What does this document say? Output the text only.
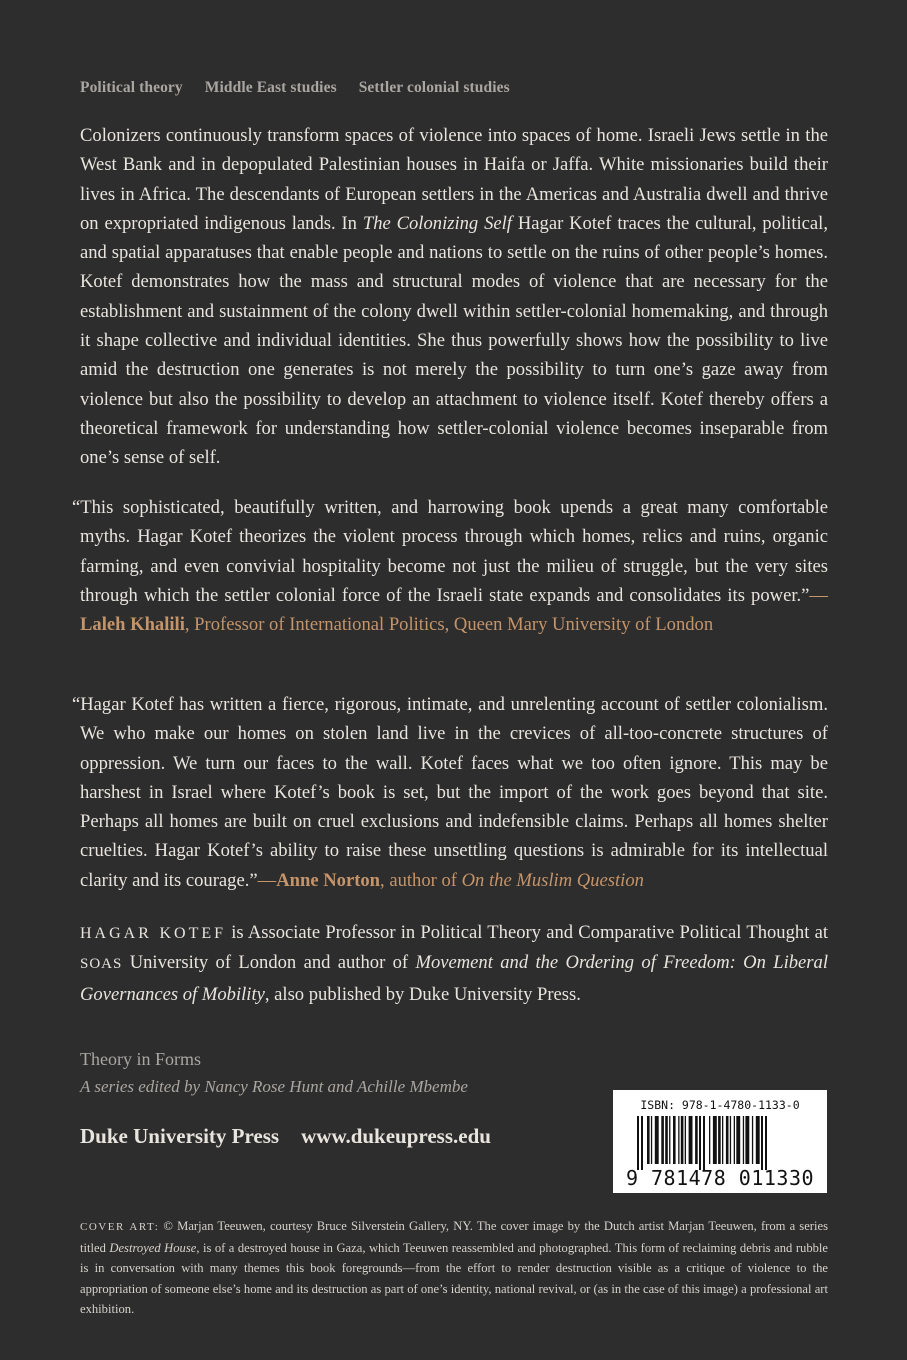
Political theory Middle East studies Settler colonial studies
Colonizers continuously transform spaces of violence into spaces of home. Israeli Jews settle in the West Bank and in depopulated Palestinian houses in Haifa or Jaffa. White missionaries build their lives in Africa. The descendants of European settlers in the Americas and Australia dwell and thrive on expropriated indigenous lands. In The Colonizing Self Hagar Kotef traces the cultural, political, and spatial apparatuses that enable people and nations to settle on the ruins of other people’s homes. Kotef demonstrates how the mass and structural modes of violence that are necessary for the establishment and sustainment of the colony dwell within settler-colonial homemaking, and through it shape collective and individual identities. She thus powerfully shows how the possibility to live amid the destruction one generates is not merely the possibility to turn one’s gaze away from violence but also the possibility to develop an attachment to violence itself. Kotef thereby offers a theoretical framework for understanding how settler-colonial violence becomes inseparable from one’s sense of self.
“This sophisticated, beautifully written, and harrowing book upends a great many comfortable myths. Hagar Kotef theorizes the violent process through which homes, relics and ruins, organic farming, and even convivial hospitality become not just the milieu of struggle, but the very sites through which the settler colonial force of the Israeli state expands and consolidates its power.”—Laleh Khalili, Professor of International Politics, Queen Mary University of London
“Hagar Kotef has written a fierce, rigorous, intimate, and unrelenting account of settler colonialism. We who make our homes on stolen land live in the crevices of all-too-concrete structures of oppression. We turn our faces to the wall. Kotef faces what we too often ignore. This may be harshest in Israel where Kotef’s book is set, but the import of the work goes beyond that site. Perhaps all homes are built on cruel exclusions and indefensible claims. Perhaps all homes shelter cruelties. Hagar Kotef’s ability to raise these unsettling questions is admirable for its intellectual clarity and its courage.”—Anne Norton, author of On the Muslim Question
HAGAR KOTEF is Associate Professor in Political Theory and Comparative Political Thought at SOAS University of London and author of Movement and the Ordering of Freedom: On Liberal Governances of Mobility, also published by Duke University Press.
Theory in Forms
A series edited by Nancy Rose Hunt and Achille Mbembe
Duke University Press www.dukeupress.edu
ISBN: 978-1-4780-1133-0
9 781478 011330
COVER ART: © Marjan Teeuwen, courtesy Bruce Silverstein Gallery, NY. The cover image by the Dutch artist Marjan Teeuwen, from a series titled Destroyed House, is of a destroyed house in Gaza, which Teeuwen reassembled and photographed. This form of reclaiming debris and rubble is in conversation with many themes this book foregrounds—from the effort to render destruction visible as a critique of violence to the appropriation of someone else’s home and its destruction as part of one’s identity, national revival, or (as in the case of this image) a professional art exhibition.
